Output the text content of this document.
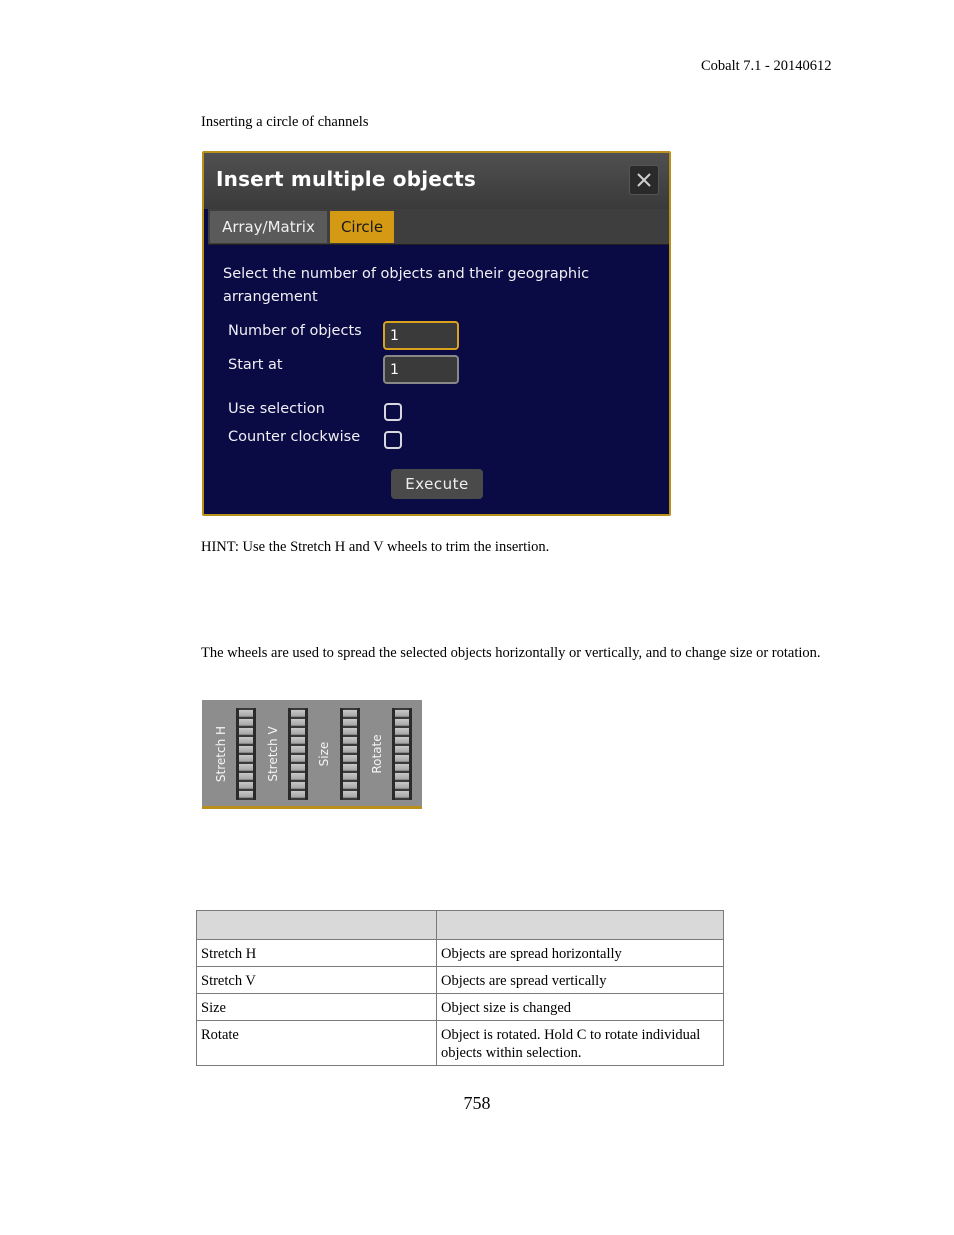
Cobalt 7.1 - 20140612
Inserting a circle of channels
Insert multiple objects
Array/Matrix	Circle
Select the number of objects and their geographic arrangement
Number of objects	1
Start at	1
Use selection
Counter clockwise
Execute
HINT: Use the Stretch H and V wheels to trim the insertion.
The wheels are used to spread the selected objects horizontally or vertically, and to change size or rotation.
Stretch H	Stretch V	Size	Rotate

Stretch H	Objects are spread horizontally
Stretch V	Objects are spread vertically
Size	Object size is changed
Rotate	Object is rotated. Hold C to rotate individual objects within selection.
758
